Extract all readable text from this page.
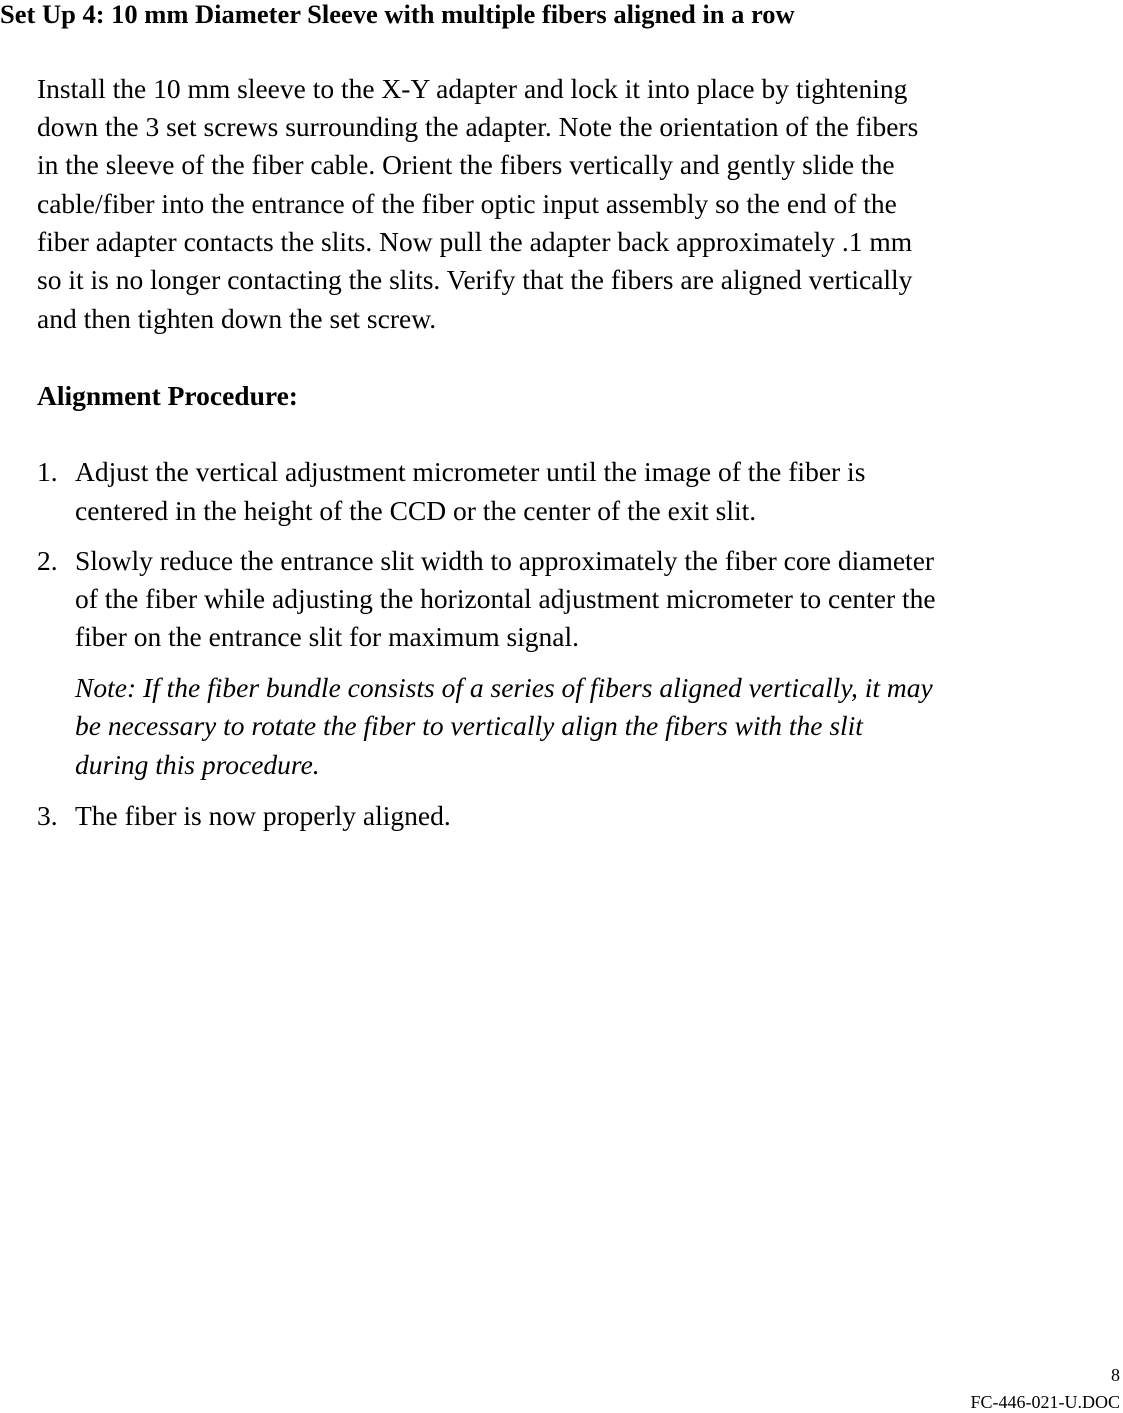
Set Up 4: 10 mm Diameter Sleeve with multiple fibers aligned in a row
Install the 10 mm sleeve to the X-Y adapter and lock it into place by tightening
down the 3 set screws surrounding the adapter. Note the orientation of the fibers
in the sleeve of the fiber cable. Orient the fibers vertically and gently slide the
cable/fiber into the entrance of the fiber optic input assembly so the end of the
fiber adapter contacts the slits. Now pull the adapter back approximately .1 mm
so it is no longer contacting the slits. Verify that the fibers are aligned vertically
and then tighten down the set screw.
Alignment Procedure:
1. Adjust the vertical adjustment micrometer until the image of the fiber is
centered in the height of the CCD or the center of the exit slit.
2. Slowly reduce the entrance slit width to approximately the fiber core diameter
of the fiber while adjusting the horizontal adjustment micrometer to center the
fiber on the entrance slit for maximum signal.
Note: If the fiber bundle consists of a series of fibers aligned vertically, it may
be necessary to rotate the fiber to vertically align the fibers with the slit
during this procedure.
3. The fiber is now properly aligned.
8
FC-446-021-U.DOC
